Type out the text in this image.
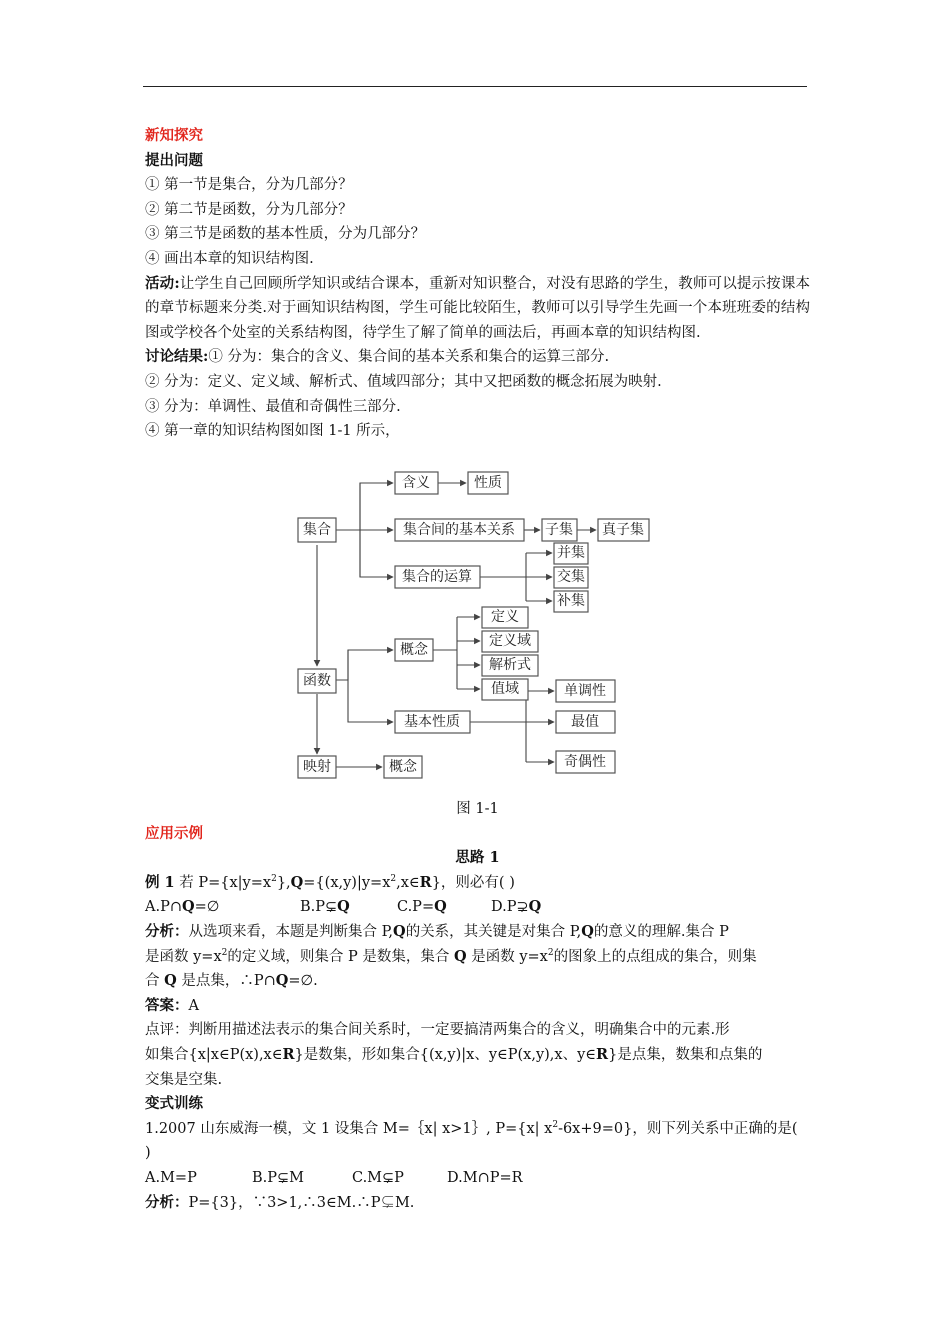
新知探究
提出问题
① 第一节是集合，分为几部分？
② 第二节是函数，分为几部分？
③ 第三节是函数的基本性质，分为几部分？
④ 画出本章的知识结构图.
活动:让学生自己回顾所学知识或结合课本，重新对知识整合，对没有思路的学生，教师可以提示按课本的章节标题来分类.对于画知识结构图，学生可能比较陌生，教师可以引导学生先画一个本班班委的结构图或学校各个处室的关系结构图，待学生了解了简单的画法后，再画本章的知识结构图.
讨论结果:① 分为：集合的含义、集合间的基本关系和集合的运算三部分.
② 分为：定义、定义域、解析式、值域四部分；其中又把函数的概念拓展为映射.
③ 分为：单调性、最值和奇偶性三部分.
④ 第一章的知识结构图如图 1-1 所示，
集合
含义	性质
集合间的基本关系 子集 真子集
集合的运算
并集
交集
补集
函数
概念
定义
定义域
解析式
值域
基本性质
单调性
最值
奇偶性
映射	概念
图 1-1
应用示例
思路 1
例 1 若 $P=\{x|y=x^2\},Q=\{(x,y)|y=x^2,x\in R\}$，则必有( )
A.P∩Q=∅	B.P⊊Q	C.P=Q	D.P⊋Q
分析：从选项来看，本题是判断集合 P,Q的关系，其关键是对集合 P,Q的意义的理解.集合 P
是函数 $y=x^2$的定义域，则集合 P 是数集，集合 Q 是函数 $y=x^2$的图象上的点组成的集合，则集
合 Q 是点集，∴P∩Q=∅.
答案：A
点评：判断用描述法表示的集合间关系时，一定要搞清两集合的含义，明确集合中的元素.形
如集合{x|x∈P(x),x∈R}是数集，形如集合{(x,y)|x、y∈P(x,y),x、y∈R}是点集，数集和点集的
交集是空集.
变式训练
1.2007 山东威海一模，文 1 设集合 M=｛x| x>1｝, P={x| $x^2-6x+9=0$}，则下列关系中正确的是(
)
A.M=P	B.P⊊M	C.M⊊P	D.M∩P=R
分析：P={3}，∵3>1,∴3∈M.∴P⊊M.
